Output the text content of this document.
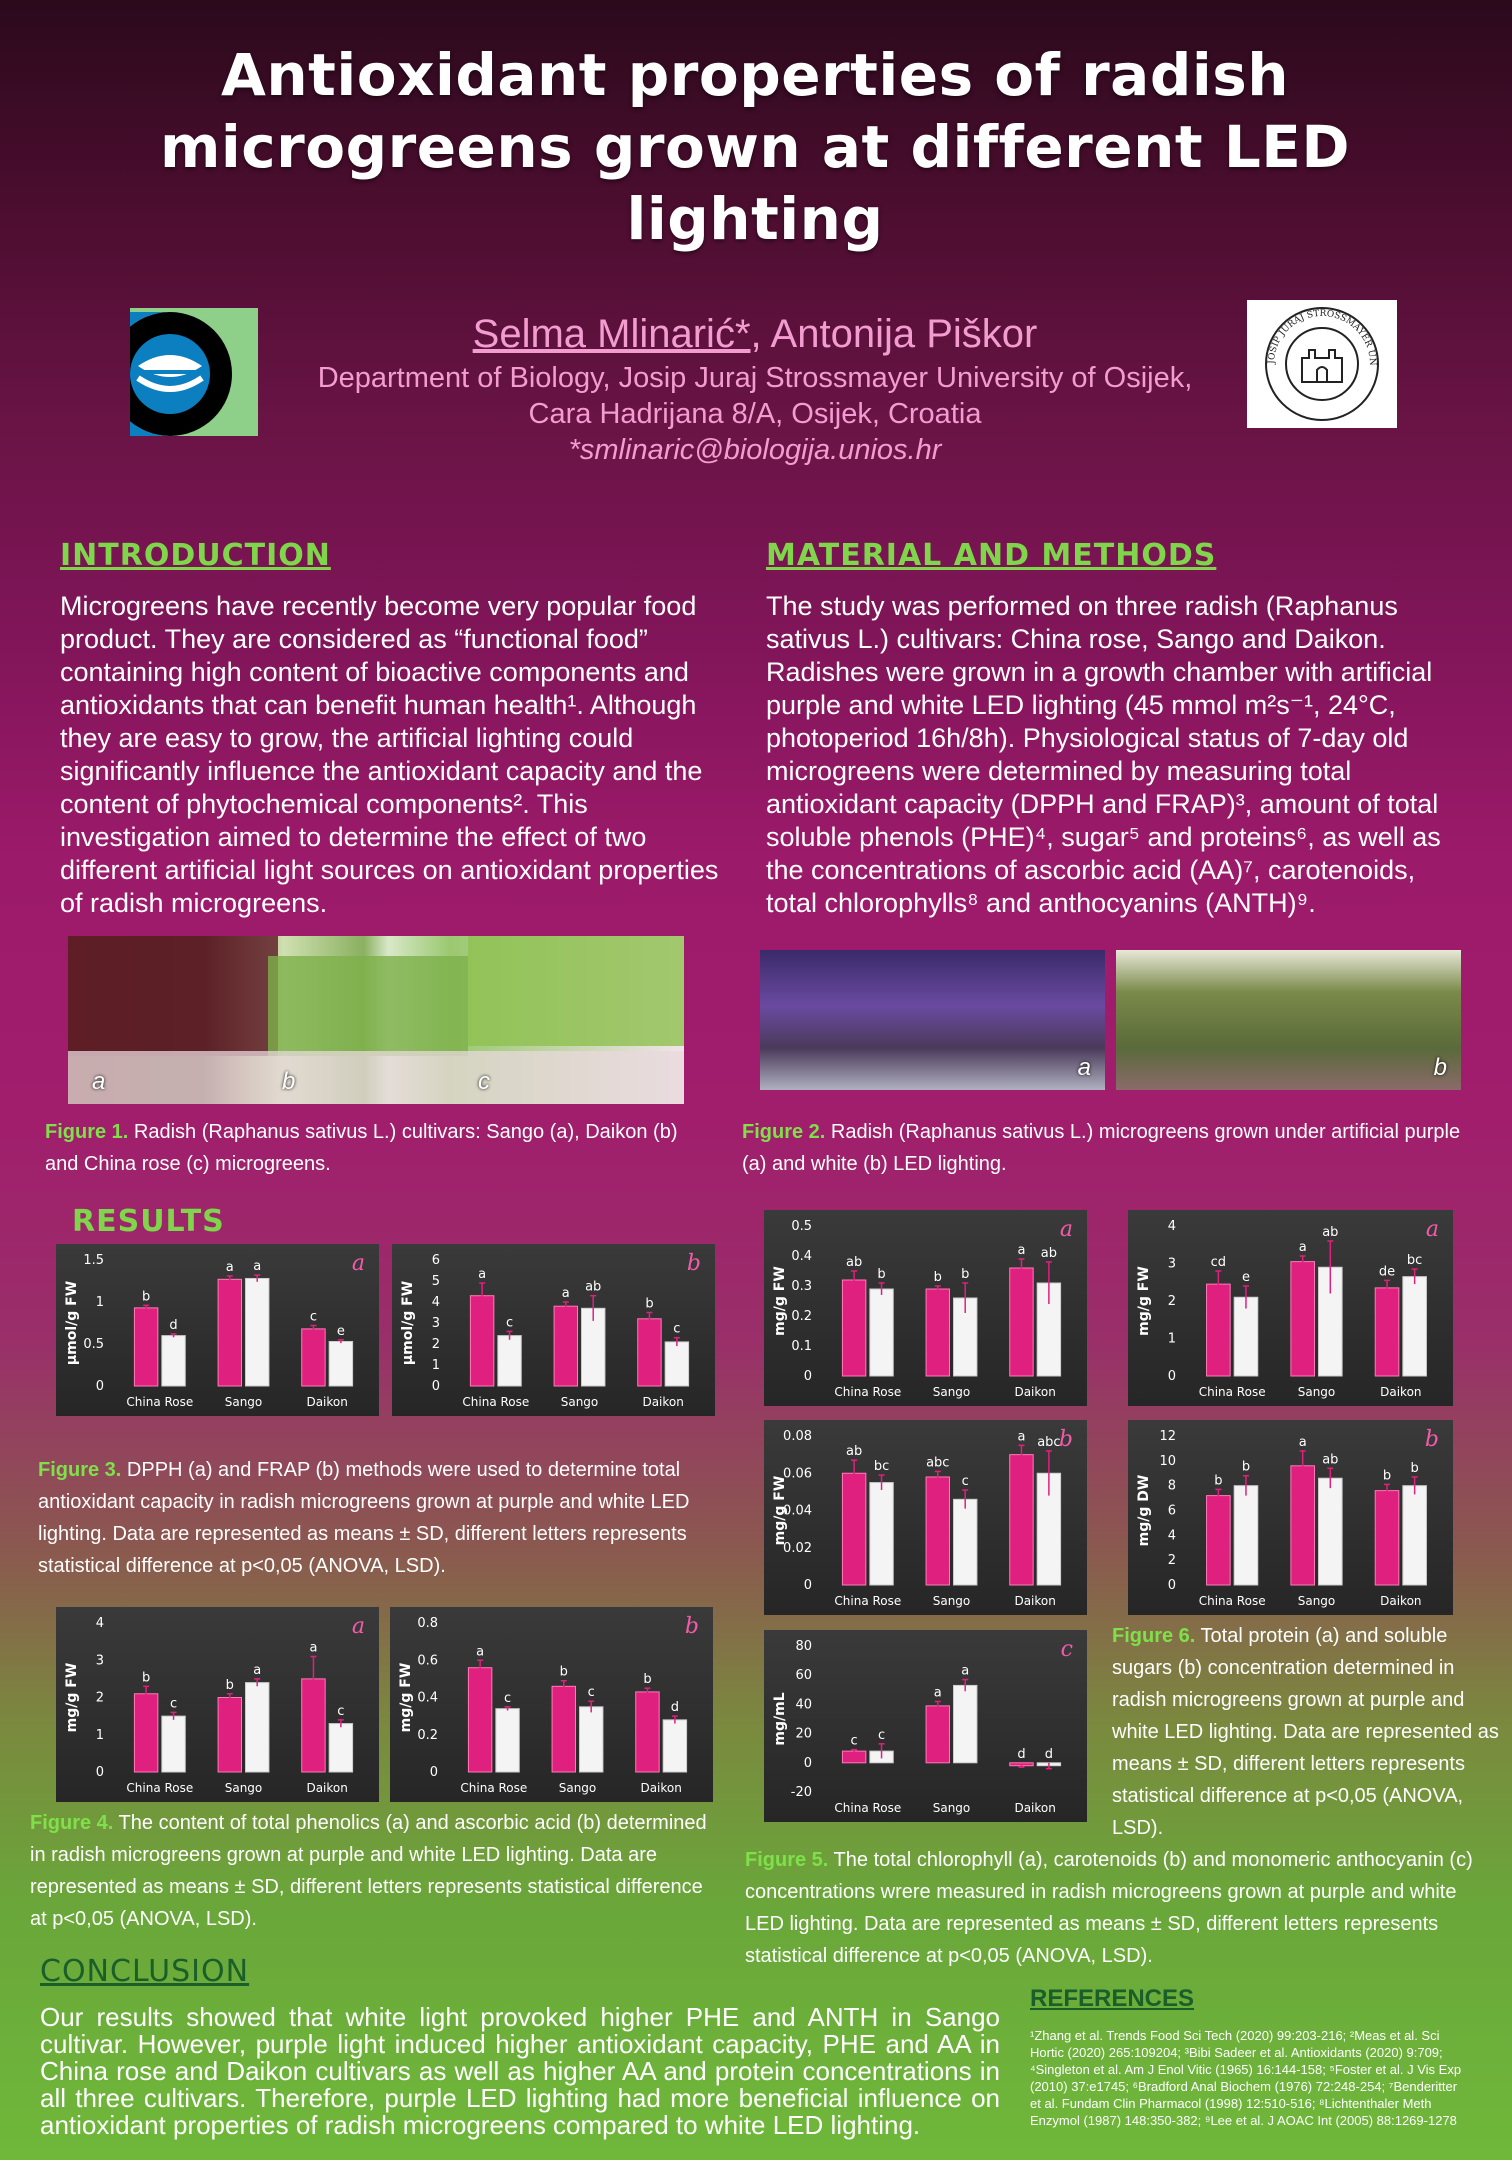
Antioxidant properties of radish microgreens grown at different LED lighting
Selma Mlinarić*, Antonija Piškor
Department of Biology, Josip Juraj Strossmayer University of Osijek,
Cara Hadrijana 8/A, Osijek, Croatia
*smlinaric@biologija.unios.hr
JOSIP JURAJ STROSSMAYER UN
INTRODUCTION

Microgreens have recently become very popular food product. They are considered as “functional food” containing high content of bioactive components and antioxidants that can benefit human health¹. Although they are easy to grow, the artificial lighting could significantly influence the antioxidant capacity and the content of phytochemical components². This investigation aimed to determine the effect of two different artificial light sources on antioxidant properties of radish microgreens.

MATERIAL AND METHODS

The study was performed on three radish (Raphanus sativus L.) cultivars: China rose, Sango and Daikon. Radishes were grown in a growth chamber with artificial purple and white LED lighting (45 mmol m²s⁻¹, 24°C, photoperiod 16h/8h). Physiological status of 7-day old microgreens were determined by measuring total antioxidant capacity (DPPH and FRAP)³, amount of total soluble phenols (PHE)⁴, sugar⁵ and proteins⁶, as well as the concentrations of ascorbic acid (AA)⁷, carotenoids, total chlorophylls⁸ and anthocyanins (ANTH)⁹.

a	b	c
Figure 1. Radish (Raphanus sativus L.) cultivars: Sango (a), Daikon (b) and China rose (c) microgreens.
a	b
Figure 2. Radish (Raphanus sativus L.) microgreens grown under artificial purple (a) and white (b) LED lighting.
RESULTS
µmol/g FW
0
0.5
1
1.5	a
China Rose
b
d
Sango
a a
Daikon
c
e	µmol/g FW
0
1
2
3
4
5
6	b
China Rose
a
c
Sango
a ab
Daikon
b
c
Figure 3. DPPH (a) and FRAP (b) methods were used to determine total antioxidant capacity in radish microgreens grown at purple and white LED lighting. Data are represented as means ± SD, different letters represents statistical difference at p<0,05 (ANOVA, LSD).
mg/g FW
0
1
2
3
4	a
China Rose
b
c
Sango
b
a
Daikon
a
c	mg/g FW
0
0.2
0.4
0.6
0.8	b
China Rose
a
c
Sango
b
c
Daikon
b
d
Figure 4. The content of total phenolics (a) and ascorbic acid (b) determined in radish microgreens grown at purple and white LED lighting. Data are represented as means ± SD, different letters represents statistical difference at p<0,05 (ANOVA, LSD).
mg/g FW
0
0.1
0.2
0.3
0.4
0.5	a
China Rose
ab
b
Sango
b b
Daikon
a ab
mg/g FW
0
0.02
0.04
0.06
0.08	b
China Rose
ab
bc
Sango
abc
c
Daikon
a abc
mg/mL
-20
0
20
40
60
80	c
China Rose
c c
Sango
a
a
Daikon
d d
Figure 5. The total chlorophyll (a), carotenoids (b) and monomeric anthocyanin (c) concentrations wrere measured in radish microgreens grown at purple and white LED lighting. Data are represented as means ± SD, different letters represents statistical difference at p<0,05 (ANOVA, LSD).
mg/g FW
0
1
2
3
4	a
China Rose
cd
e
Sango
a
ab
Daikon
de
bc
mg/g DW
0
2
4
6
8
10
12	b
China Rose
b
b
Sango
a
ab
Daikon
b b
Figure 6. Total protein (a) and soluble sugars (b) concentration determined in radish microgreens grown at purple and white LED lighting. Data are represented as means ± SD, different letters represents statistical difference at p<0,05 (ANOVA, LSD).
CONCLUSION
Our results showed that white light provoked higher PHE and ANTH in Sango cultivar. However, purple light induced higher antioxidant capacity, PHE and AA in China rose and Daikon cultivars as well as higher AA and protein concentrations in all three cultivars. Therefore, purple LED lighting had more beneficial influence on antioxidant properties of radish microgreens compared to white LED lighting.
REFERENCES
¹Zhang et al. Trends Food Sci Tech (2020) 99:203-216; ²Meas et al. Sci Hortic (2020) 265:109204; ³Bibi Sadeer et al. Antioxidants (2020) 9:709; ⁴Singleton et al. Am J Enol Vitic (1965) 16:144-158; ⁵Foster et al. J Vis Exp (2010) 37:e1745; ⁶Bradford Anal Biochem (1976) 72:248-254; ⁷Benderitter et al. Fundam Clin Pharmacol (1998) 12:510-516; ⁸Lichtenthaler Meth Enzymol (1987) 148:350-382; ⁹Lee et al. J AOAC Int (2005) 88:1269-1278
